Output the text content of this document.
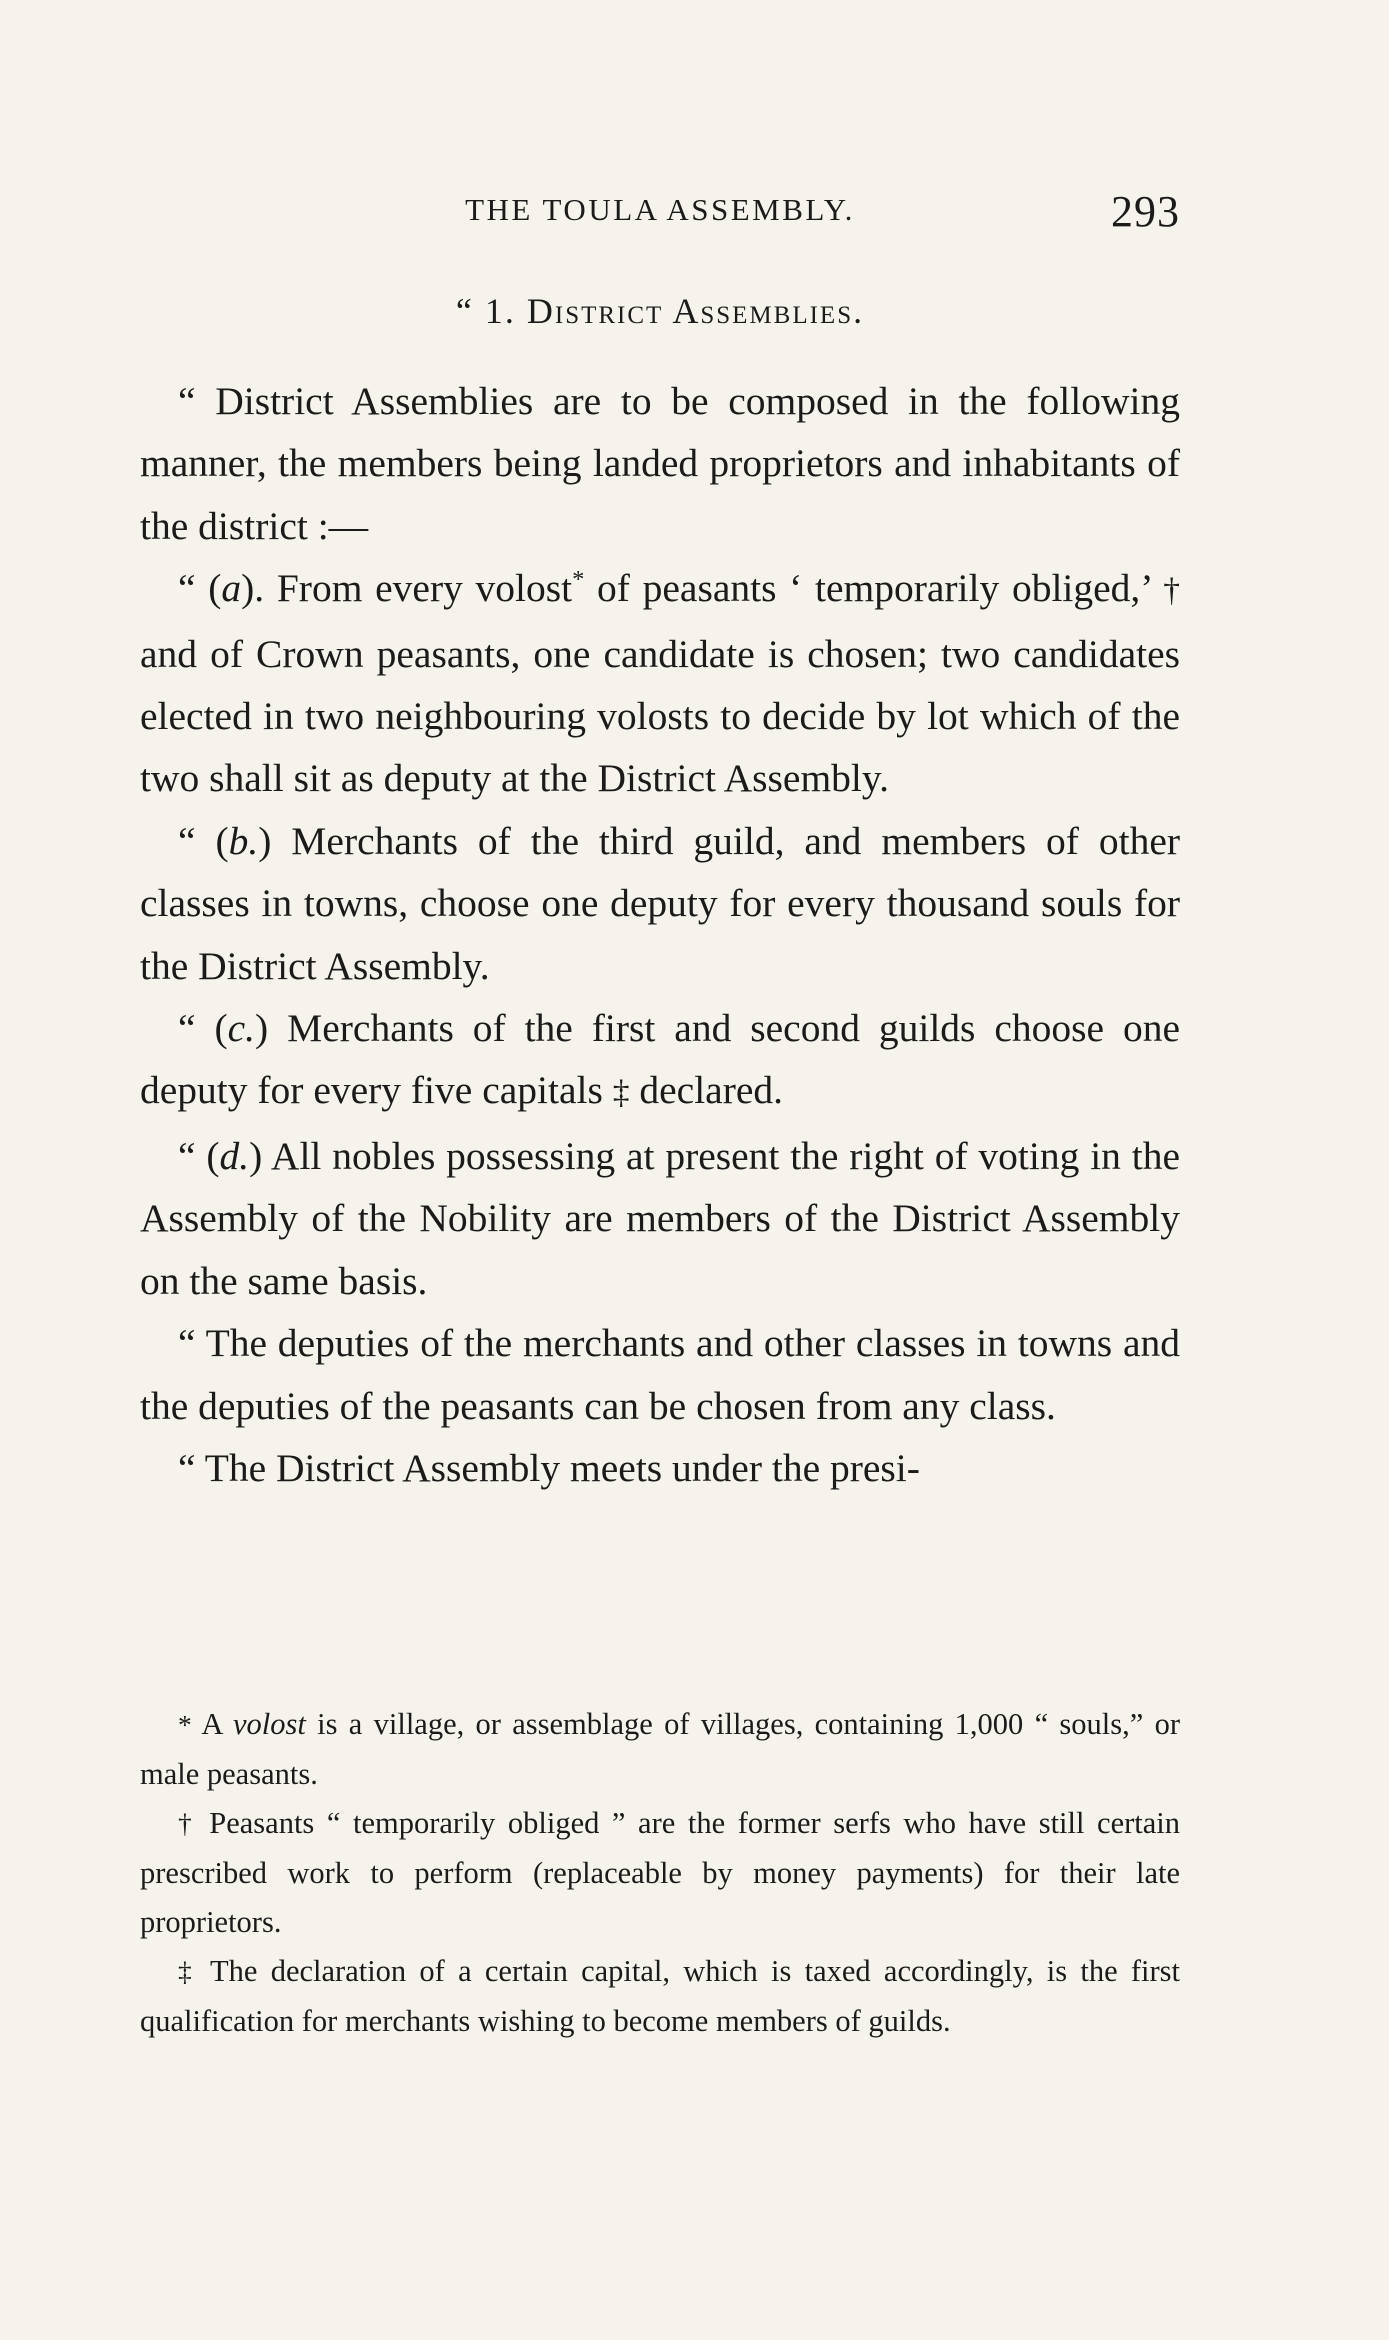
THE TOULA ASSEMBLY.	293
“ 1. District Assemblies.

“ District Assemblies are to be composed in the following manner, the members being landed proprietors and inhabitants of the district :—

“ (a). From every volost* of peasants ‘ temporarily obliged,’ † and of Crown peasants, one candidate is chosen; two candidates elected in two neighbouring volosts to decide by lot which of the two shall sit as deputy at the District Assembly.

“ (b.) Merchants of the third guild, and members of other classes in towns, choose one deputy for every thousand souls for the District Assembly.

“ (c.) Merchants of the first and second guilds choose one deputy for every five capitals ‡ declared.

“ (d.) All nobles possessing at present the right of voting in the Assembly of the Nobility are members of the District Assembly on the same basis.

“ The deputies of the merchants and other classes in towns and the deputies of the peasants can be chosen from any class.

“ The District Assembly meets under the presi-

* A volost is a village, or assemblage of villages, containing 1,000 “ souls,” or male peasants.

† Peasants “ temporarily obliged ” are the former serfs who have still certain prescribed work to perform (replaceable by money payments) for their late proprietors.

‡ The declaration of a certain capital, which is taxed accordingly, is the first qualification for merchants wishing to become members of guilds.
